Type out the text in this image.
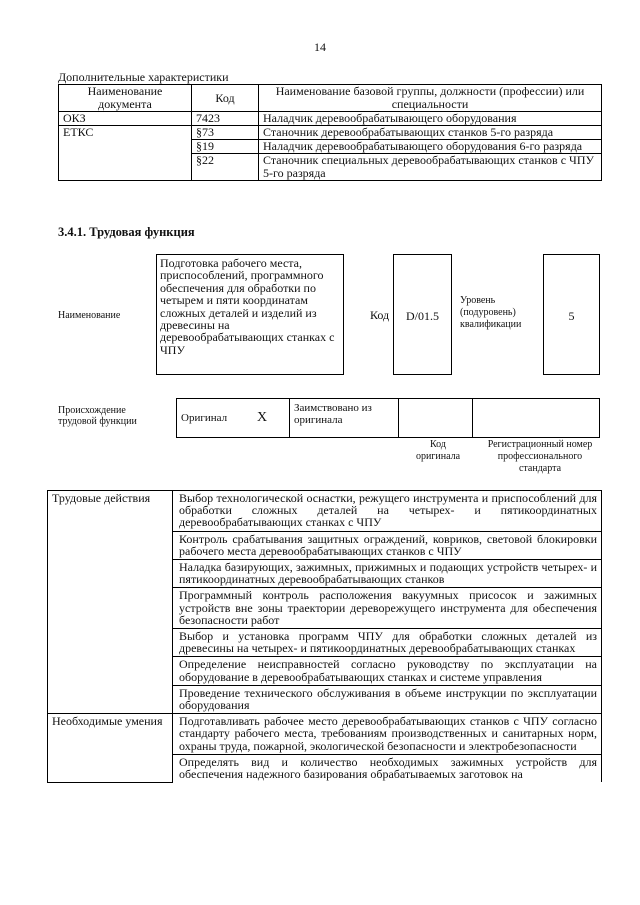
14
Дополнительные характеристики
Наименование документа	Код	Наименование базовой группы, должности (профессии) или специальности
ОКЗ	7423	Наладчик деревообрабатывающего оборудования
ЕТКС	§73	Станочник деревообрабатывающих станков 5-го разряда
	§19	Наладчик деревообрабатывающего оборудования 6-го разряда
	§22	Станочник специальных деревообрабатывающих станков с ЧПУ 5-го разряда
3.4.1. Трудовая функция
Наименование
Подготовка рабочего места, приспособлений, программного обеспечения для обработки по четырем и пяти координатам сложных деталей и изделий из древесины на деревообрабатывающих станках с ЧПУ
Код	D/01.5
Уровень (подуровень) квалификации
5
Происхождение трудовой функции	Оригинал	X	Заимствовано из оригинала		
Код оригинала
Регистрационный номер профессионального стандарта
Трудовые действия	Выбор технологической оснастки, режущего инструмента и приспособлений для обработки сложных деталей на четырех- и пятикоординатных деревообрабатывающих станках с ЧПУ
	Контроль срабатывания защитных ограждений, ковриков, световой блокировки рабочего места деревообрабатывающих станков с ЧПУ
	Наладка базирующих, зажимных, прижимных и подающих устройств четырех- и пятикоординатных деревообрабатывающих станков
	Программный контроль расположения вакуумных присосок и зажимных устройств вне зоны траектории дереворежущего инструмента для обеспечения безопасности работ
	Выбор и установка программ ЧПУ для обработки сложных деталей из древесины на четырех- и пятикоординатных деревообрабатывающих станках
	Определение неисправностей согласно руководству по эксплуатации на оборудование в деревообрабатывающих станках и системе управления
	Проведение технического обслуживания в объеме инструкции по эксплуатации оборудования
Необходимые умения	Подготавливать рабочее место деревообрабатывающих станков с ЧПУ согласно стандарту рабочего места, требованиям производственных и санитарных норм, охраны труда, пожарной, экологической безопасности и электробезопасности
	Определять вид и количество необходимых зажимных устройств для обеспечения надежного базирования обрабатываемых заготовок на
